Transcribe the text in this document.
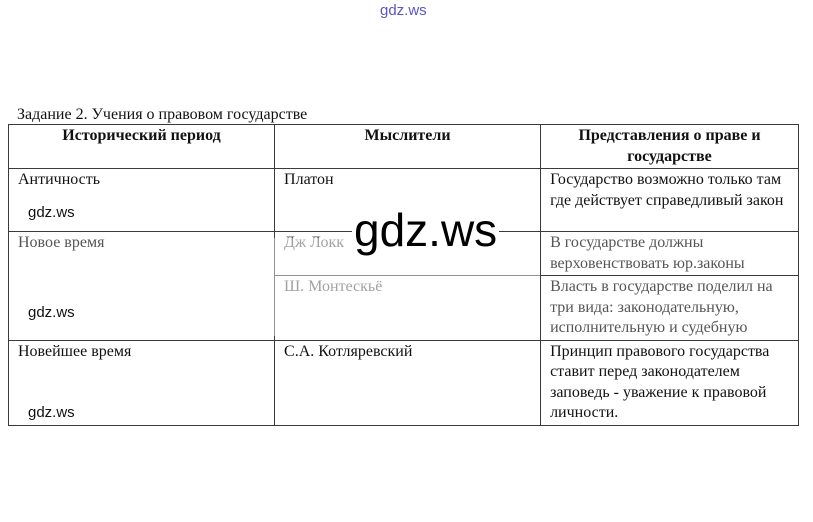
gdz.ws
Задание 2. Учения о правовом государстве
Исторический период	Мыслители	Представления о праве и государстве
Античность	Платон	Государство возможно только там где действует справедливый закон
Новое время	Дж Локк	В государстве должны верховенствовать юр.законы
	Ш. Монтескьё	Власть в государстве поделил на три вида: законодательную, исполнительную и судебную
Новейшее время	С.А. Котляревский	Принцип правового государства ставит перед законодателем заповедь - уважение к правовой личности.
gdz.ws
gdz.ws
gdz.ws
gdz.ws
